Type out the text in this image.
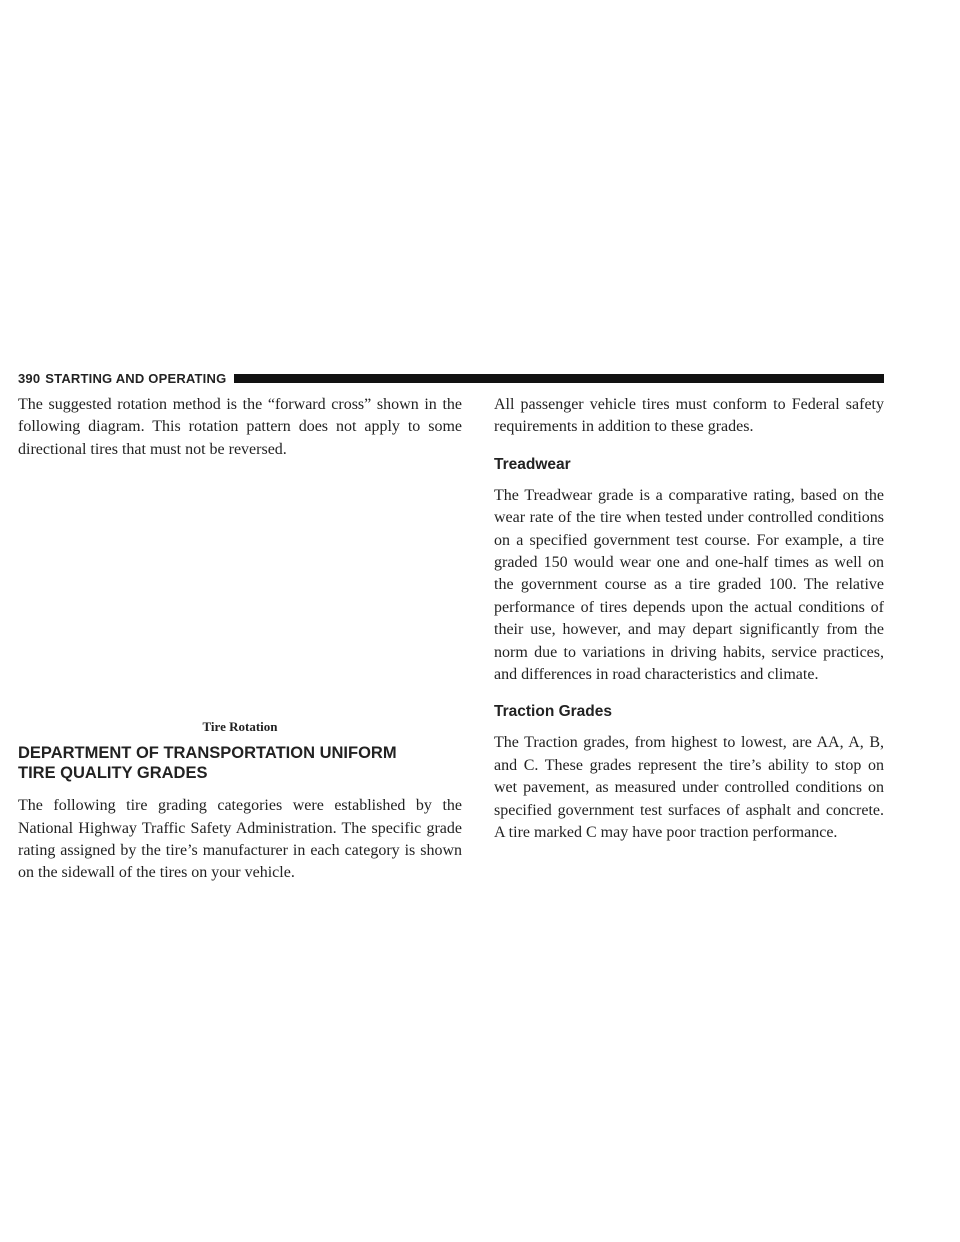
390 STARTING AND OPERATING

The suggested rotation method is the “forward cross” shown in the following diagram. This rotation pattern does not apply to some directional tires that must not be reversed.

Tire Rotation
DEPARTMENT OF TRANSPORTATION UNIFORM
TIRE QUALITY GRADES

The following tire grading categories were established by the National Highway Traffic Safety Administration. The specific grade rating assigned by the tire’s manufacturer in each category is shown on the sidewall of the tires on your vehicle.

All passenger vehicle tires must conform to Federal safety requirements in addition to these grades.

Treadwear

The Treadwear grade is a comparative rating, based on the wear rate of the tire when tested under controlled conditions on a specified government test course. For example, a tire graded 150 would wear one and one-half times as well on the government course as a tire graded 100. The relative performance of tires depends upon the actual conditions of their use, however, and may depart significantly from the norm due to variations in driving habits, service practices, and differences in road characteristics and climate.

Traction Grades

The Traction grades, from highest to lowest, are AA, A, B, and C. These grades represent the tire’s ability to stop on wet pavement, as measured under controlled conditions on specified government test surfaces of asphalt and concrete. A tire marked C may have poor traction performance.
